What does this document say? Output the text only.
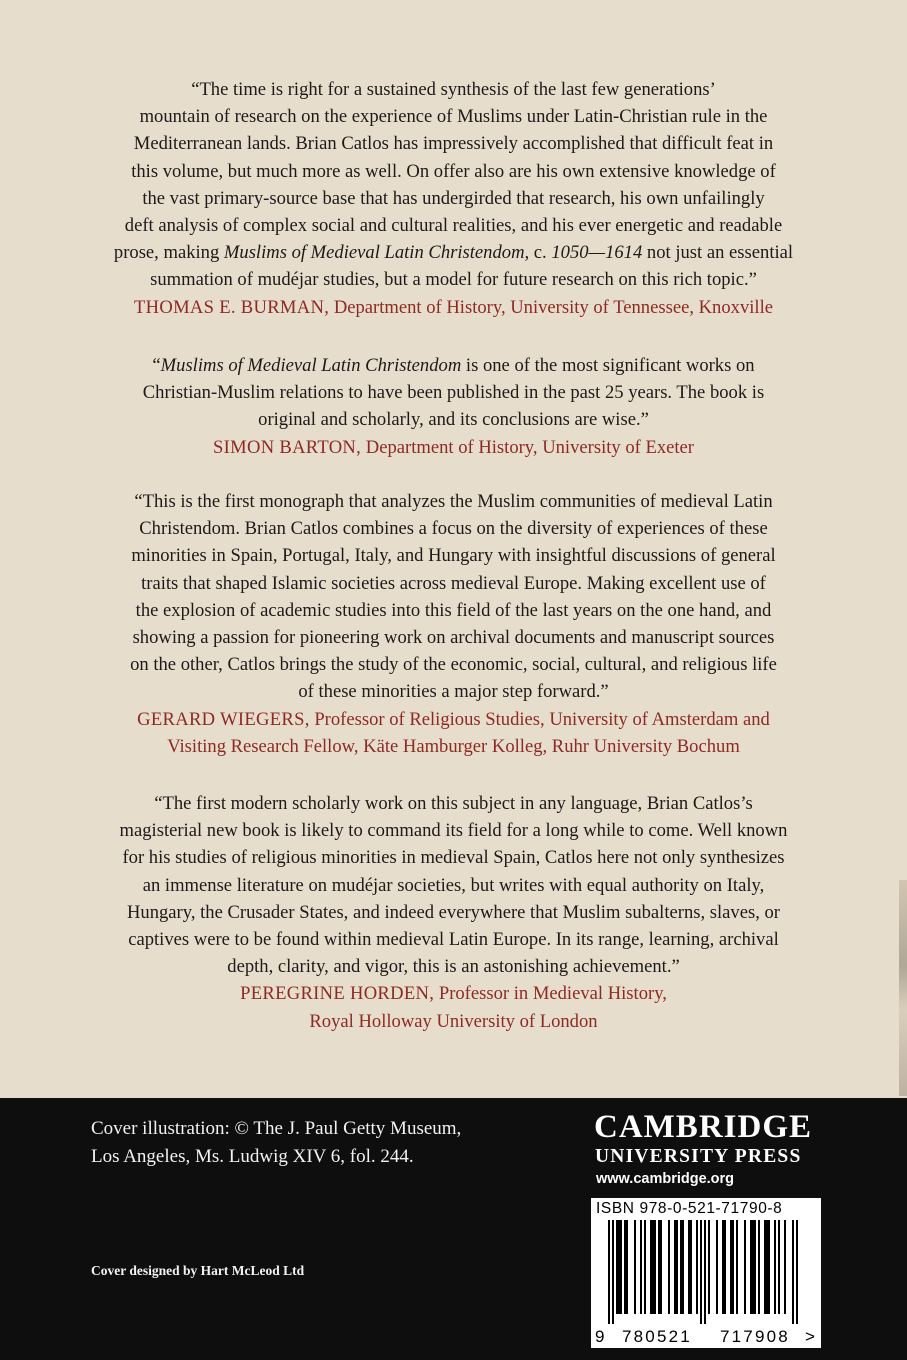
“The time is right for a sustained synthesis of the last few generations’

mountain of research on the experience of Muslims under Latin-Christian rule in the

Mediterranean lands. Brian Catlos has impressively accomplished that difficult feat in

this volume, but much more as well. On offer also are his own extensive knowledge of

the vast primary-source base that has undergirded that research, his own unfailingly

deft analysis of complex social and cultural realities, and his ever energetic and readable

prose, making Muslims of Medieval Latin Christendom, c. 1050—1614 not just an essential

summation of mudéjar studies, but a model for future research on this rich topic.”

THOMAS E. BURMAN, Department of History, University of Tennessee, Knoxville

“Muslims of Medieval Latin Christendom is one of the most significant works on

Christian-Muslim relations to have been published in the past 25 years. The book is

original and scholarly, and its conclusions are wise.”

SIMON BARTON, Department of History, University of Exeter

“This is the first monograph that analyzes the Muslim communities of medieval Latin

Christendom. Brian Catlos combines a focus on the diversity of experiences of these

minorities in Spain, Portugal, Italy, and Hungary with insightful discussions of general

traits that shaped Islamic societies across medieval Europe. Making excellent use of

the explosion of academic studies into this field of the last years on the one hand, and

showing a passion for pioneering work on archival documents and manuscript sources

on the other, Catlos brings the study of the economic, social, cultural, and religious life

of these minorities a major step forward.”

GERARD WIEGERS, Professor of Religious Studies, University of Amsterdam and

Visiting Research Fellow, Käte Hamburger Kolleg, Ruhr University Bochum

“The first modern scholarly work on this subject in any language, Brian Catlos’s

magisterial new book is likely to command its field for a long while to come. Well known

for his studies of religious minorities in medieval Spain, Catlos here not only synthesizes

an immense literature on mudéjar societies, but writes with equal authority on Italy,

Hungary, the Crusader States, and indeed everywhere that Muslim subalterns, slaves, or

captives were to be found within medieval Latin Europe. In its range, learning, archival

depth, clarity, and vigor, this is an astonishing achievement.”

PEREGRINE HORDEN, Professor in Medieval History,

Royal Holloway University of London

Cover illustration: © The J. Paul Getty Museum,

Los Angeles, Ms. Ludwig XIV 6, fol. 244.

Cover designed by Hart McLeod Ltd
CAMBRIDGE
UNIVERSITY PRESS
www.cambridge.org
ISBN 978-0-521-71790-8
9 780521 717908 >
